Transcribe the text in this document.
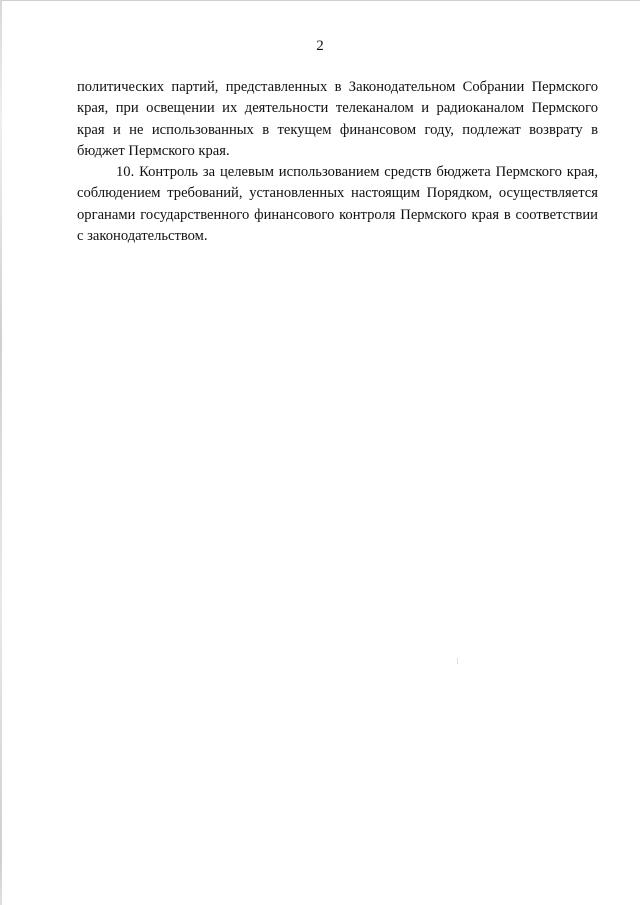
2

политических партий, представленных в Законодательном Собрании Пермского края, при освещении их деятельности телеканалом и радиоканалом Пермского края и не использованных в текущем финансовом году, подлежат возврату в бюджет Пермского края.

10. Контроль за целевым использованием средств бюджета Пермского края, соблюдением требований, установленных настоящим Порядком, осуществляется органами государственного финансового контроля Пермского края в соответствии с законодательством.
